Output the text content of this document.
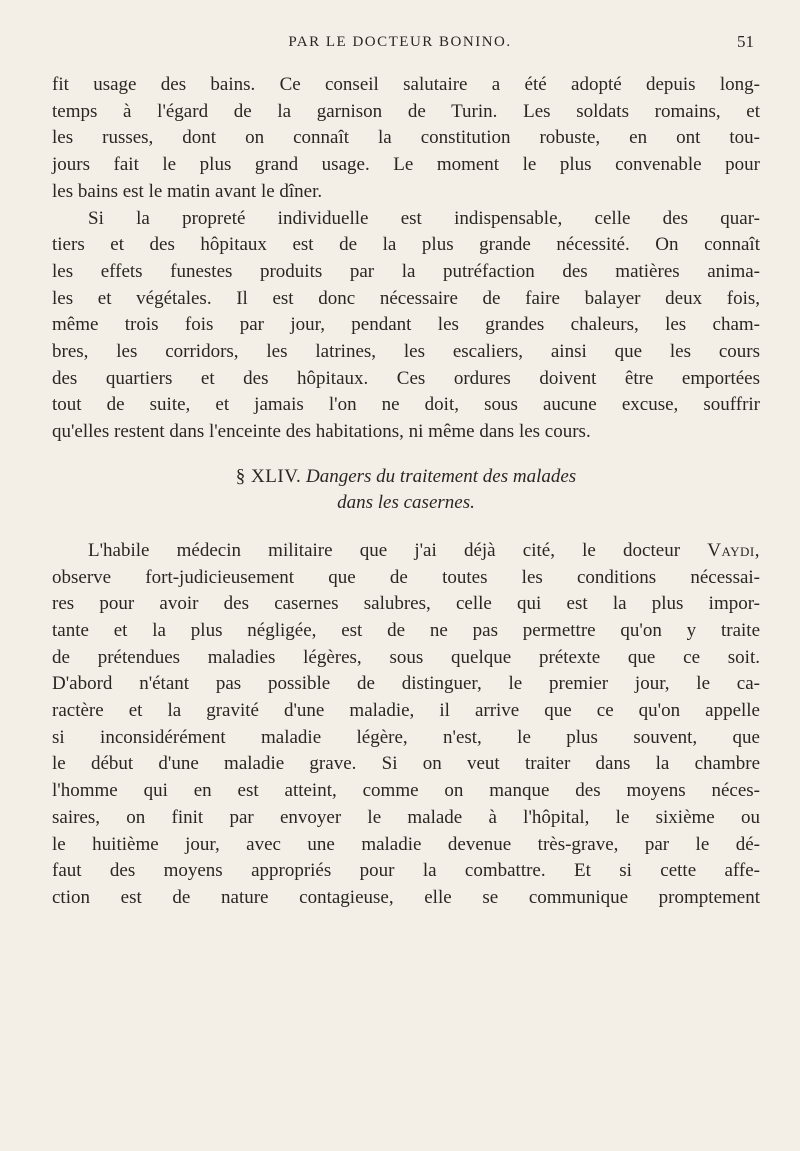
PAR LE DOCTEUR BONINO.	51
fit usage des bains. Ce conseil salutaire a été adopté depuis long-
temps à l'égard de la garnison de Turin. Les soldats romains, et
les russes, dont on connaît la constitution robuste, en ont tou-
jours fait le plus grand usage. Le moment le plus convenable pour
les bains est le matin avant le dîner.
Si la propreté individuelle est indispensable, celle des quar-
tiers et des hôpitaux est de la plus grande nécessité. On connaît
les effets funestes produits par la putréfaction des matières anima-
les et végétales. Il est donc nécessaire de faire balayer deux fois,
même trois fois par jour, pendant les grandes chaleurs, les cham-
bres, les corridors, les latrines, les escaliers, ainsi que les cours
des quartiers et des hôpitaux. Ces ordures doivent être emportées
tout de suite, et jamais l'on ne doit, sous aucune excuse, souffrir
qu'elles restent dans l'enceinte des habitations, ni même dans les cours.
§ XLIV. Dangers du traitement des malades
dans les casernes.
L'habile médecin militaire que j'ai déjà cité, le docteur Vaydi,
observe fort-judicieusement que de toutes les conditions nécessai-
res pour avoir des casernes salubres, celle qui est la plus impor-
tante et la plus négligée, est de ne pas permettre qu'on y traite
de prétendues maladies légères, sous quelque prétexte que ce soit.
D'abord n'étant pas possible de distinguer, le premier jour, le ca-
ractère et la gravité d'une maladie, il arrive que ce qu'on appelle
si inconsidérément maladie légère, n'est, le plus souvent, que
le début d'une maladie grave. Si on veut traiter dans la chambre
l'homme qui en est atteint, comme on manque des moyens néces-
saires, on finit par envoyer le malade à l'hôpital, le sixième ou
le huitième jour, avec une maladie devenue très-grave, par le dé-
faut des moyens appropriés pour la combattre. Et si cette affe-
ction est de nature contagieuse, elle se communique promptement
